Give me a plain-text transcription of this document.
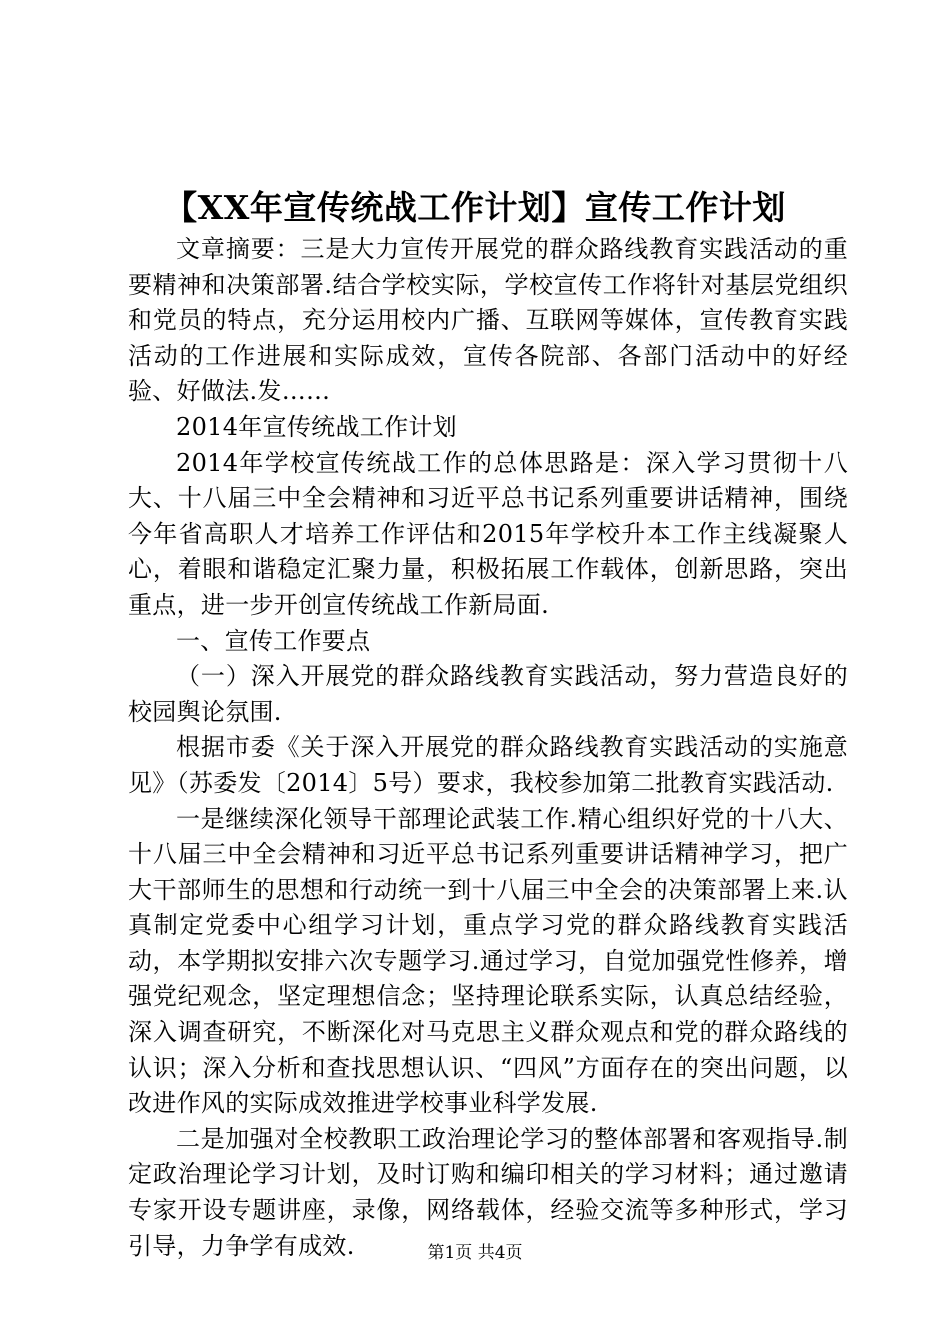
【XX年宣传统战工作计划】宣传工作计划

文章摘要：三是大力宣传开展党的群众路线教育实践活动的重要精神和决策部署.结合学校实际，学校宣传工作将针对基层党组织和党员的特点，充分运用校内广播、互联网等媒体，宣传教育实践活动的工作进展和实际成效，宣传各院部、各部门活动中的好经验、好做法.发……

2014年宣传统战工作计划

2014年学校宣传统战工作的总体思路是：深入学习贯彻十八大、十八届三中全会精神和习近平总书记系列重要讲话精神，围绕今年省高职人才培养工作评估和2015年学校升本工作主线凝聚人心，着眼和谐稳定汇聚力量，积极拓展工作载体，创新思路，突出重点，进一步开创宣传统战工作新局面.

一、宣传工作要点

（一）深入开展党的群众路线教育实践活动，努力营造良好的校园舆论氛围.

根据市委《关于深入开展党的群众路线教育实践活动的实施意见》（苏委发〔2014〕5号）要求，我校参加第二批教育实践活动.

一是继续深化领导干部理论武装工作.精心组织好党的十八大、十八届三中全会精神和习近平总书记系列重要讲话精神学习，把广大干部师生的思想和行动统一到十八届三中全会的决策部署上来.认真制定党委中心组学习计划，重点学习党的群众路线教育实践活动，本学期拟安排六次专题学习.通过学习，自觉加强党性修养，增强党纪观念，坚定理想信念；坚持理论联系实际，认真总结经验，深入调查研究，不断深化对马克思主义群众观点和党的群众路线的认识；深入分析和查找思想认识、“四风”方面存在的突出问题，以改进作风的实际成效推进学校事业科学发展.

二是加强对全校教职工政治理论学习的整体部署和客观指导.制定政治理论学习计划，及时订购和编印相关的学习材料；通过邀请专家开设专题讲座，录像，网络载体，经验交流等多种形式，学习引导，力争学有成效.	第1页 共4页
